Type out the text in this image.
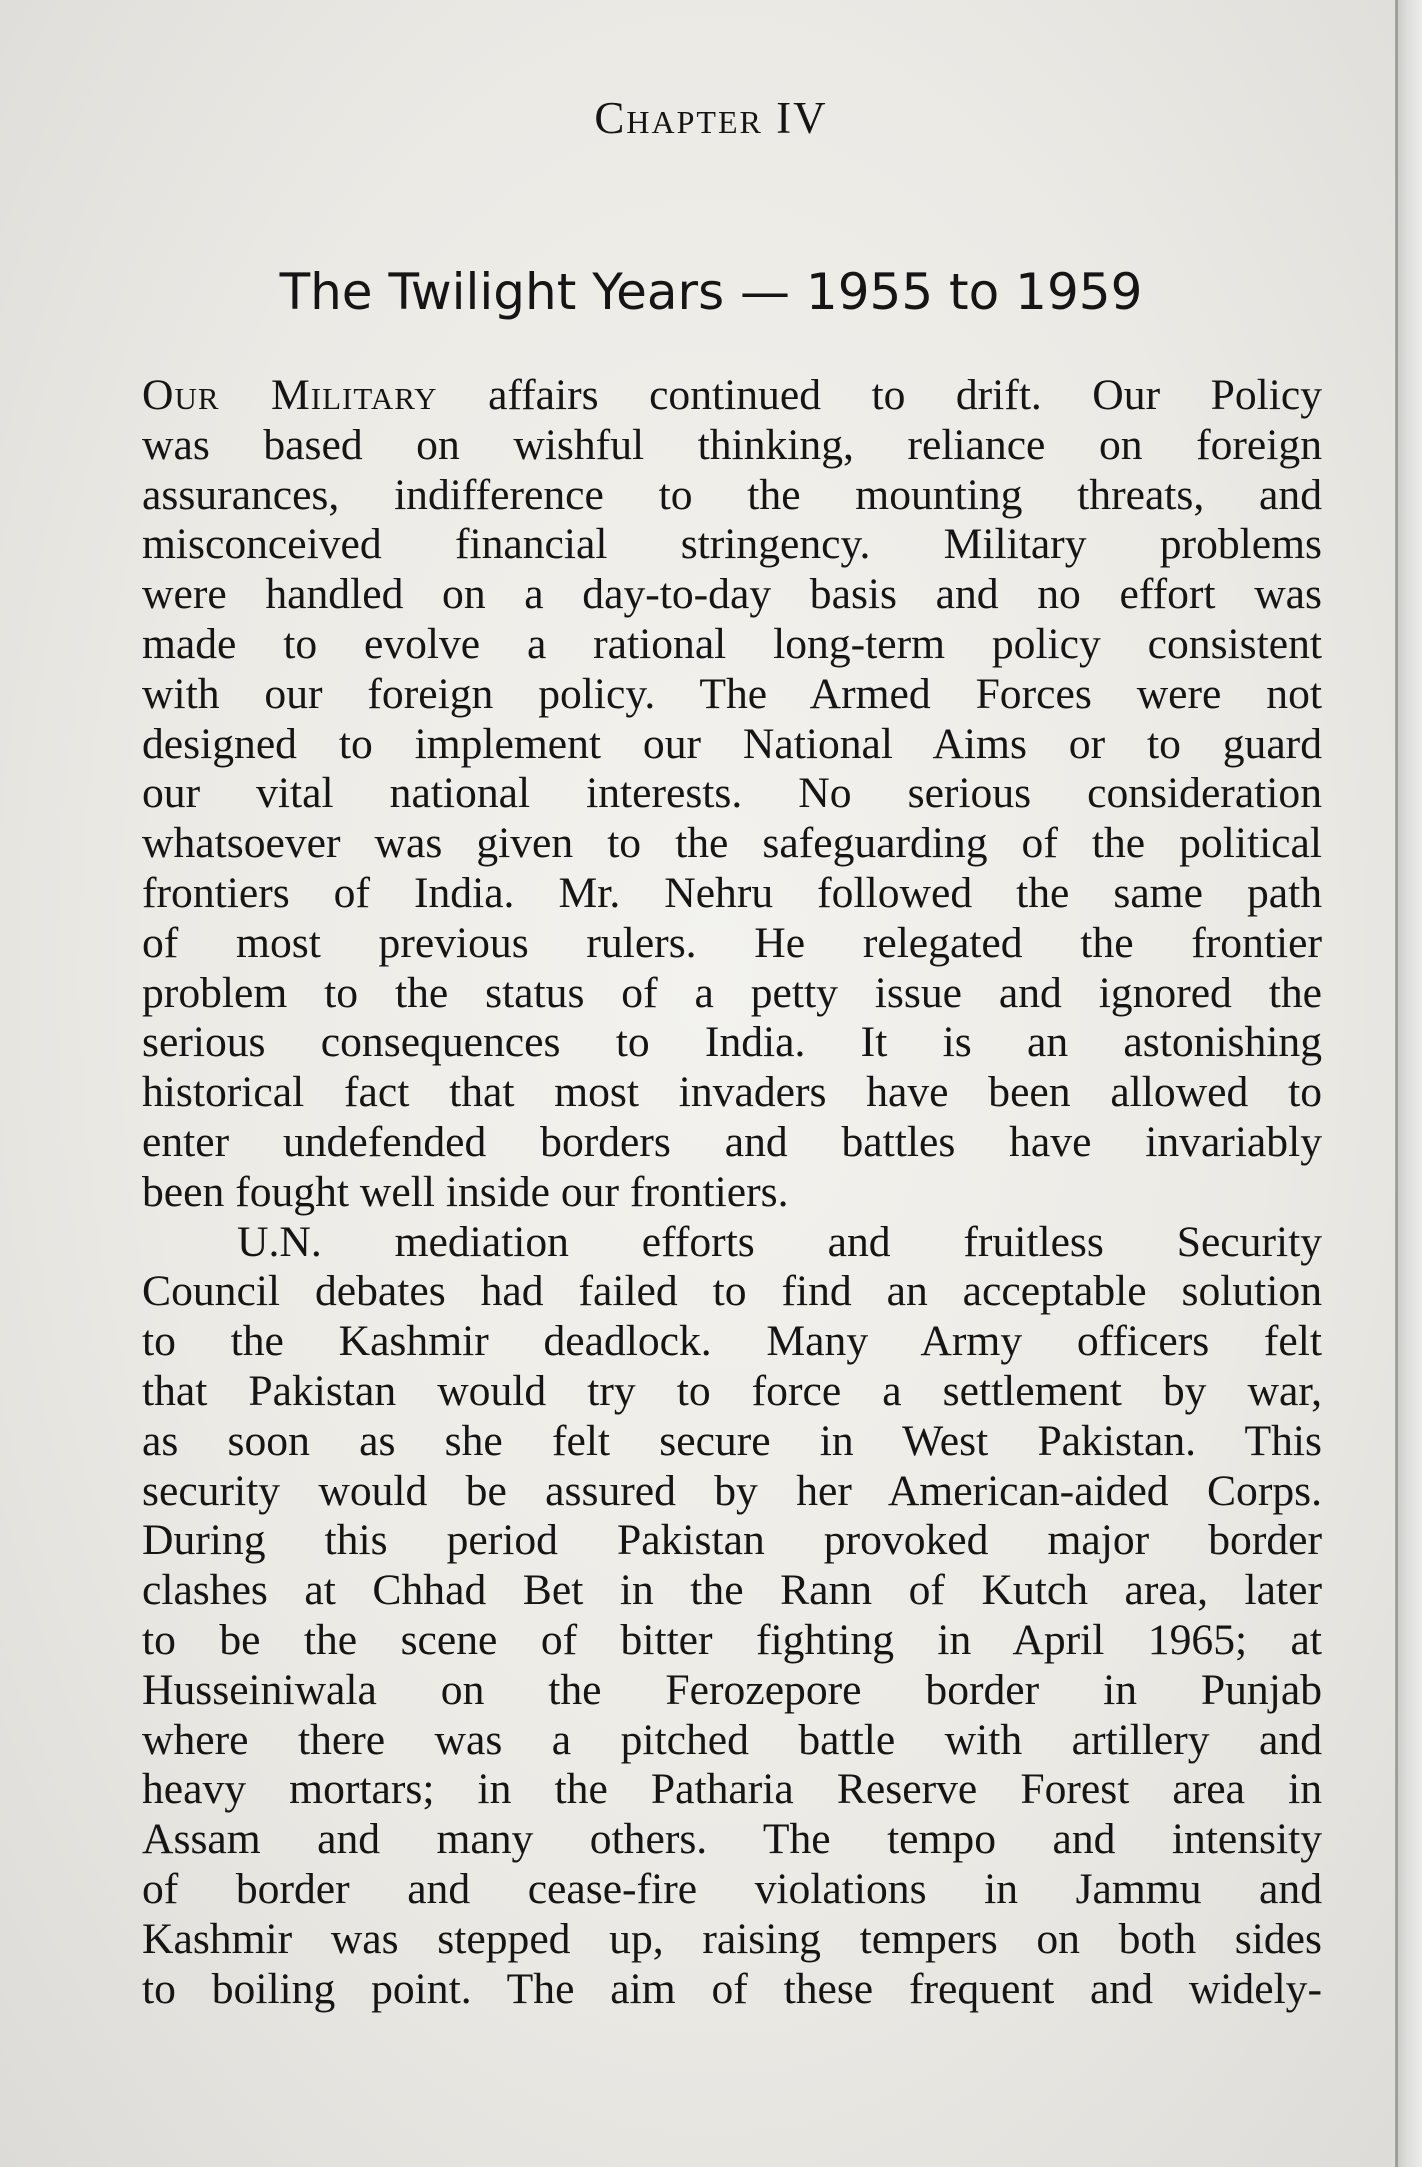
Chapter IV
The Twilight Years — 1955 to 1959
Our Military affairs continued to drift. Our Policy
was based on wishful thinking, reliance on foreign
assurances, indifference to the mounting threats, and
misconceived financial stringency. Military problems
were handled on a day-to-day basis and no effort was
made to evolve a rational long-term policy consistent
with our foreign policy. The Armed Forces were not
designed to implement our National Aims or to guard
our vital national interests. No serious consideration
whatsoever was given to the safeguarding of the political
frontiers of India. Mr. Nehru followed the same path
of most previous rulers. He relegated the frontier
problem to the status of a petty issue and ignored the
serious consequences to India. It is an astonishing
historical fact that most invaders have been allowed to
enter undefended borders and battles have invariably
been fought well inside our frontiers.
U.N. mediation efforts and fruitless Security
Council debates had failed to find an acceptable solution
to the Kashmir deadlock. Many Army officers felt
that Pakistan would try to force a settlement by war,
as soon as she felt secure in West Pakistan. This
security would be assured by her American-aided Corps.
During this period Pakistan provoked major border
clashes at Chhad Bet in the Rann of Kutch area, later
to be the scene of bitter fighting in April 1965; at
Husseiniwala on the Ferozepore border in Punjab
where there was a pitched battle with artillery and
heavy mortars; in the Patharia Reserve Forest area in
Assam and many others. The tempo and intensity
of border and cease-fire violations in Jammu and
Kashmir was stepped up, raising tempers on both sides
to boiling point. The aim of these frequent and widely-
